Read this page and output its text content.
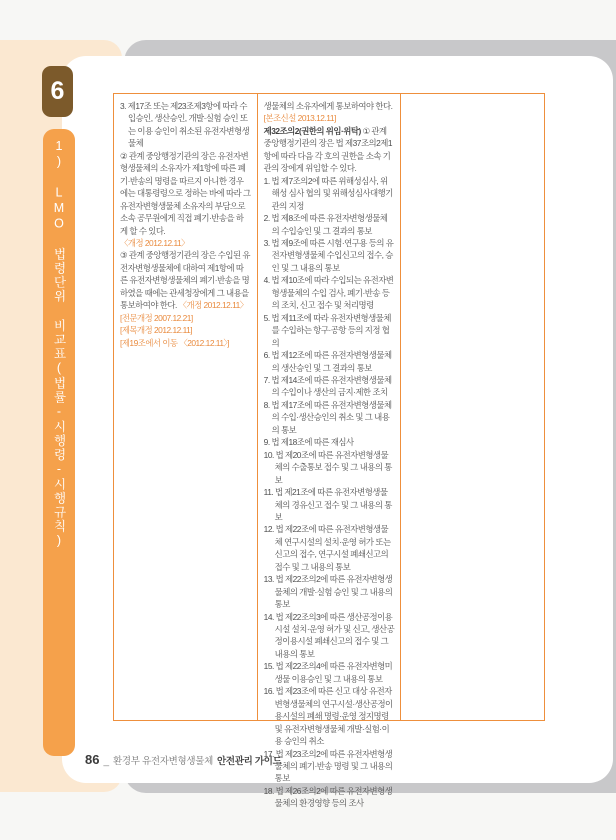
6
1) LMO 법령단위 비교표(법률-시행령-시행규칙)
3. 제17조 또는 제23조제3항에 따라 수입승인, 생산승인, 개발·실험 승인 또는 이용 승인이 취소된 유전자변형생물체
② 관계 중앙행정기관의 장은 유전자변형생물체의 소유자가 제1항에 따른 폐기·반송의 명령을 따르지 아니한 경우에는 대통령령으로 정하는 바에 따라 그 유전자변형생물체 소유자의 부담으로 소속 공무원에게 직접 폐기·반송을 하게 할 수 있다.
〈개정 2012.12.11〉
③ 관계 중앙행정기관의 장은 수입된 유전자변형생물체에 대하여 제1항에 따른 유전자변형생물체의 폐기·반송을 명하였을 때에는 관세청장에게 그 내용을 통보하여야 한다. 〈개정 2012.12.11〉
[전문개정 2007.12.21]
[제목개정 2012.12.11]
[제19조에서 이동 〈2012.12.11〉]
생물체의 소유자에게 통보하여야 한다.
[본조신설 2013.12.11]
제32조의2(권한의 위임·위탁) ① 관계 중앙행정기관의 장은 법 제37조의2제1항에 따라 다음 각 호의 권한을 소속 기관의 장에게 위임할 수 있다.
1. 법 제7조의2에 따른 위해성심사, 위해성 심사 협의 및 위해성심사대행기관의 지정
2. 법 제8조에 따른 유전자변형생물체의 수입승인 및 그 결과의 통보
3. 법 제9조에 따른 시험·연구용 등의 유전자변형생물체 수입신고의 접수, 승인 및 그 내용의 통보
4. 법 제10조에 따라 수입되는 유전자변형생물체의 수입 검사, 폐기·반송 등의 조치, 신고 접수 및 처리명령
5. 법 제11조에 따라 유전자변형생물체를 수입하는 항구·공항 등의 지정 협의
6. 법 제12조에 따른 유전자변형생물체의 생산승인 및 그 결과의 통보
7. 법 제14조에 따른 유전자변형생물체의 수입이나 생산의 금지·제한 조치
8. 법 제17조에 따른 유전자변형생물체의 수입·생산승인의 취소 및 그 내용의 통보
9. 법 제18조에 따른 재심사
10. 법 제20조에 따른 유전자변형생물체의 수출통보 접수 및 그 내용의 통보
11. 법 제21조에 따른 유전자변형생물체의 경유신고 접수 및 그 내용의 통보
12. 법 제22조에 따른 유전자변형생물체 연구시설의 설치·운영 허가 또는 신고의 접수, 연구시설 폐쇄신고의 접수 및 그 내용의 통보
13. 법 제22조의2에 따른 유전자변형생물체의 개발·실험 승인 및 그 내용의 통보
14. 법 제22조의3에 따른 생산공정이용시설 설치·운영 허가 및 신고, 생산공정이용시설 폐쇄신고의 접수 및 그 내용의 통보
15. 법 제22조의4에 따른 유전자변형미생물 이용승인 및 그 내용의 통보
16. 법 제23조에 따른 신고 대상 유전자변형생물체의 연구시설·생산공정이용시설의 폐쇄 명령·운영 정지명령 및 유전자변형생물체 개발·실험·이용 승인의 취소
17. 법 제23조의2에 따른 유전자변형생물체의 폐기·반송 명령 및 그 내용의 통보
18. 법 제26조의2에 따른 유전자변형생물체의 환경영향 등의 조사
86 _ 환경부 유전자변형생물체 안전관리 가이드
